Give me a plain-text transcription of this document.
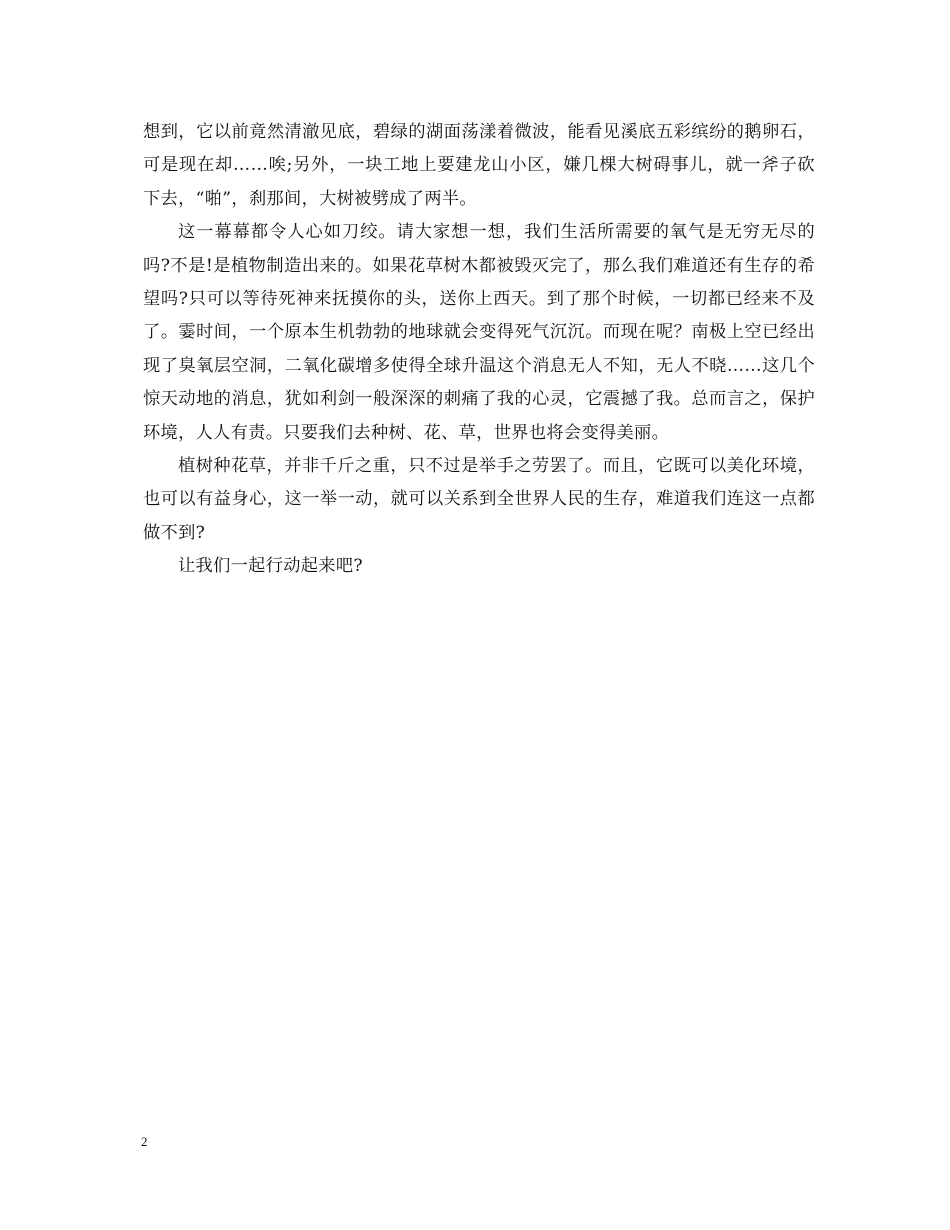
想到，它以前竟然清澈见底，碧绿的湖面荡漾着微波，能看见溪底五彩缤纷的鹅卵石，可是现在却……唉;另外，一块工地上要建龙山小区，嫌几棵大树碍事儿，就一斧子砍下去，“啪”，刹那间，大树被劈成了两半。

这一幕幕都令人心如刀绞。请大家想一想，我们生活所需要的氧气是无穷无尽的吗?不是!是植物制造出来的。如果花草树木都被毁灭完了，那么我们难道还有生存的希望吗?只可以等待死神来抚摸你的头，送你上西天。到了那个时候，一切都已经来不及了。霎时间，一个原本生机勃勃的地球就会变得死气沉沉。而现在呢？南极上空已经出现了臭氧层空洞，二氧化碳增多使得全球升温这个消息无人不知，无人不晓……这几个惊天动地的消息，犹如利剑一般深深的刺痛了我的心灵，它震撼了我。总而言之，保护环境，人人有责。只要我们去种树、花、草，世界也将会变得美丽。

植树种花草，并非千斤之重，只不过是举手之劳罢了。而且，它既可以美化环境，也可以有益身心，这一举一动，就可以关系到全世界人民的生存，难道我们连这一点都做不到?

让我们一起行动起来吧?

2
